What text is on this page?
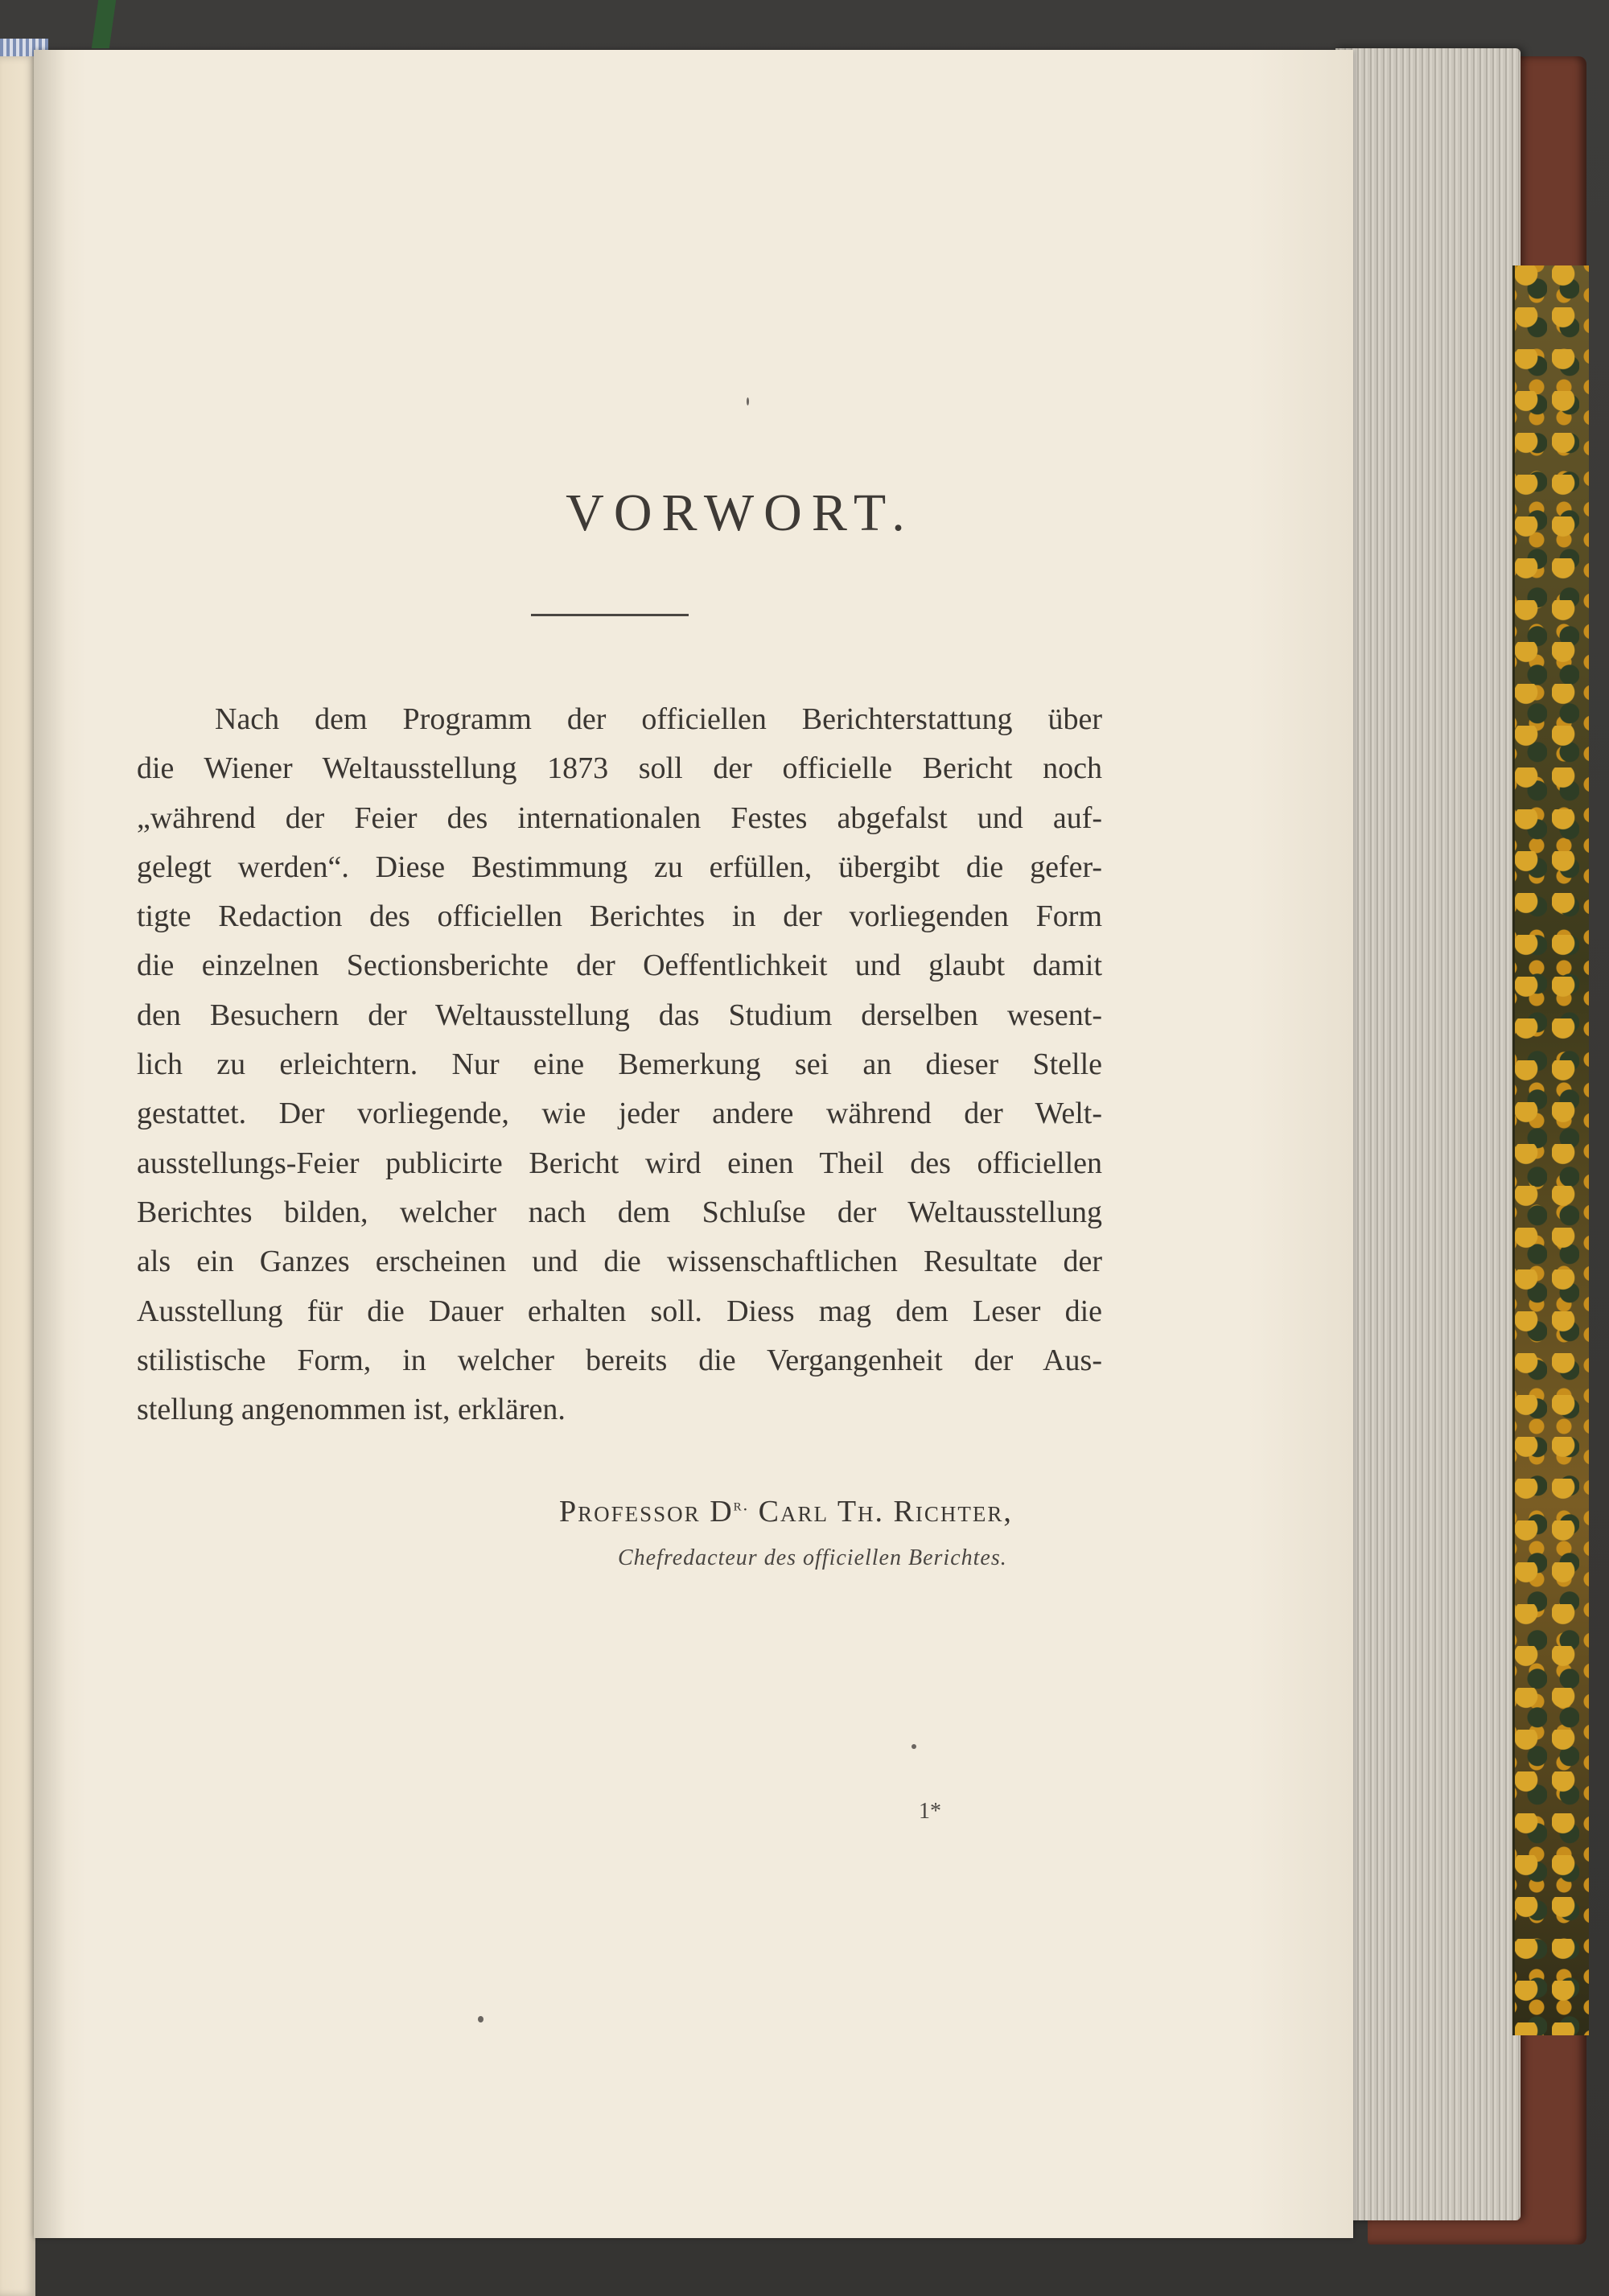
VORWORT.
Nach dem Programm der officiellen Berichterstattung über
die Wiener Weltausstellung 1873 soll der officielle Bericht noch
„während der Feier des internationalen Festes abgefalst und auf-
gelegt werden“. Diese Bestimmung zu erfüllen, übergibt die gefer-
tigte Redaction des officiellen Berichtes in der vorliegenden Form
die einzelnen Sectionsberichte der Oeffentlichkeit und glaubt damit
den Besuchern der Weltausstellung das Studium derselben wesent-
lich zu erleichtern. Nur eine Bemerkung sei an dieser Stelle
gestattet. Der vorliegende, wie jeder andere während der Welt-
ausstellungs-Feier publicirte Bericht wird einen Theil des officiellen
Berichtes bilden, welcher nach dem Schluſse der Weltausstellung
als ein Ganzes erscheinen und die wissenschaftlichen Resultate der
Ausstellung für die Dauer erhalten soll. Diess mag dem Leser die
stilistische Form, in welcher bereits die Vergangenheit der Aus-
stellung angenommen ist, erklären.
Professor $D^{r.}$ Carl Th. Richter,
Chefredacteur des officiellen Berichtes.
1*
